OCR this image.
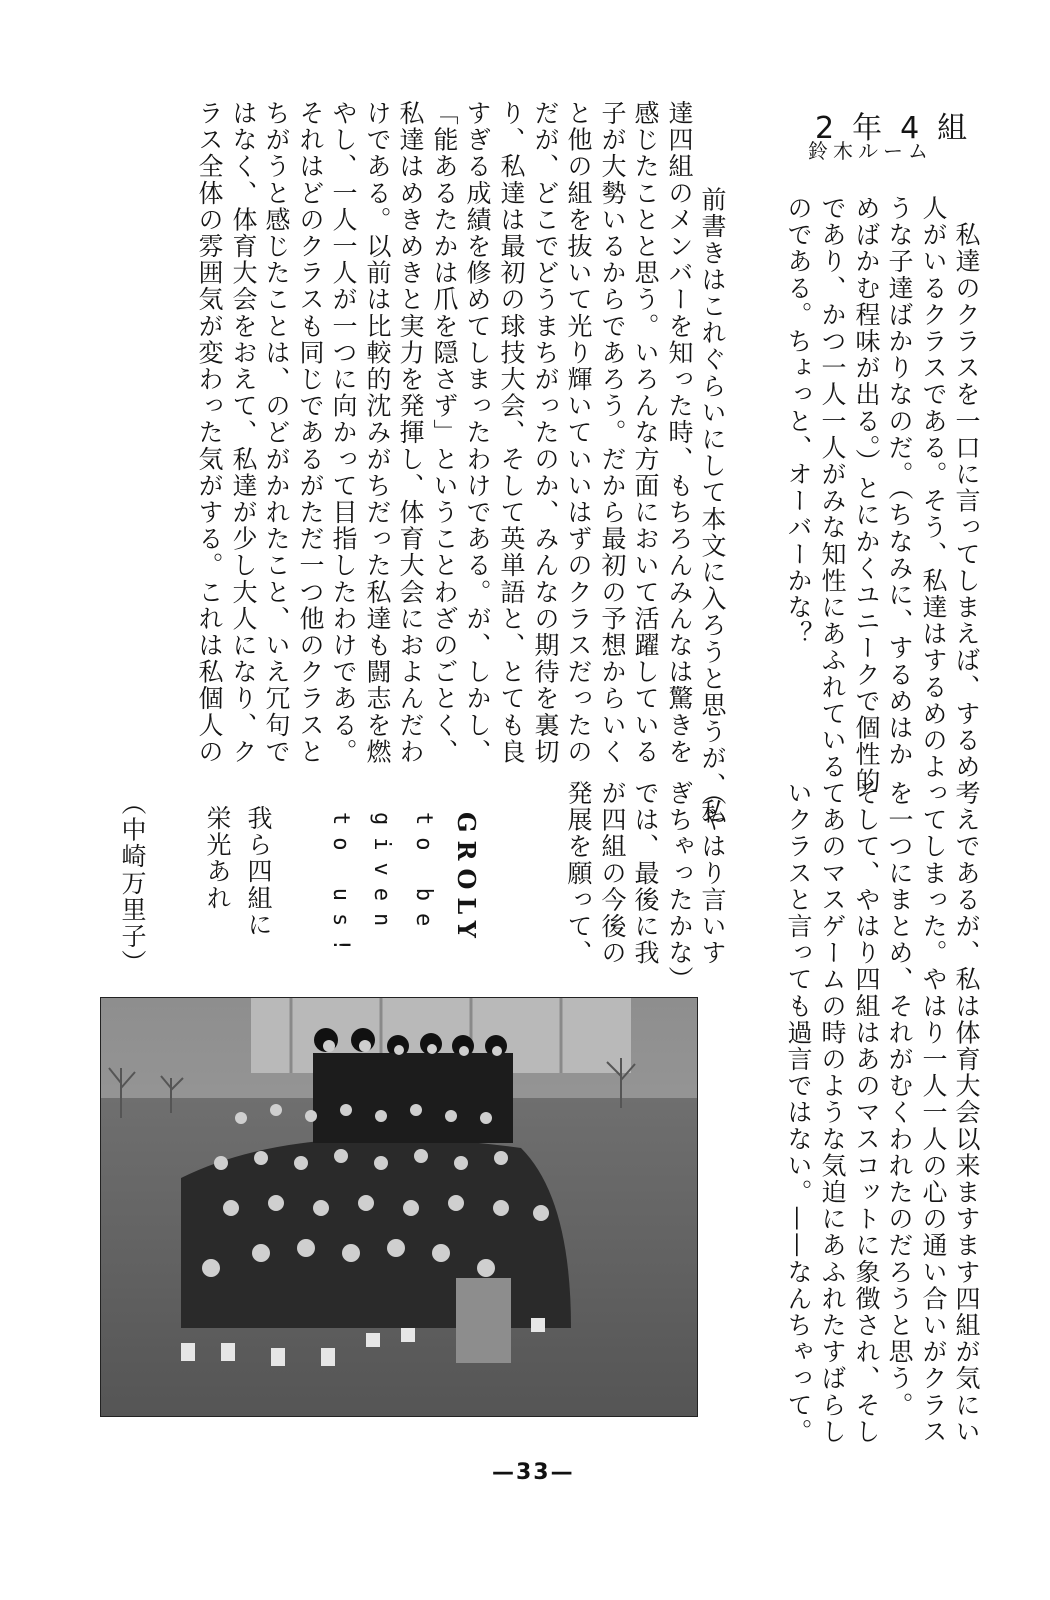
2年4組
鈴木ルーム
　私達のクラスを一口に言ってしまえば、するめ
人がいるクラスである。そう、私達はするめのよ
うな子達ばかりなのだ。（ちなみに、するめはか
めばかむ程味が出る。）とにかくユニークで個性的
であり、かつ一人一人がみな知性にあふれている
のである。ちょっと、オーバーかな？
　前書きはこれぐらいにして本文に入ろうと思うが、私
達四組のメンバーを知った時、もちろんみんなは驚きを
感じたことと思う。いろんな方面において活躍している
子が大勢いるからであろう。だから最初の予想からいく
と他の組を抜いて光り輝いていいはずのクラスだったの
だが、どこでどうまちがったのか、みんなの期待を裏切
り、私達は最初の球技大会、そして英単語と、とても良
すぎる成績を修めてしまったわけである。が、しかし、
「能あるたかは爪を隠さず」ということわざのごとく、
私達はめきめきと実力を発揮し、体育大会におよんだわ
けである。以前は比較的沈みがちだった私達も闘志を燃
やし、一人一人が一つに向かって目指したわけである。
それはどのクラスも同じであるがただ一つ他のクラスと
ちがうと感じたことは、のどがかれたこと、いえ冗句で
はなく、体育大会をおえて、私達が少し大人になり、ク
ラス全体の雰囲気が変わった気がする。これは私個人の
考えであるが、私は体育大会以来ますます四組が気にい
ってしまった。やはり一人一人の心の通い合いがクラス
を一つにまとめ、それがむくわれたのだろうと思う。
そして、やはり四組はあのマスコットに象徴され、そし
てあのマスゲームの時のような気迫にあふれたすばらし
いクラスと言っても過言ではない。——なんちゃって。
（やはり言いす
ぎちゃったかな）
では、最後に我
が四組の今後の
発展を願って、
GROLY
to be
given
to us!
我ら四組に
栄光あれ
（中崎万里子）
—33—
